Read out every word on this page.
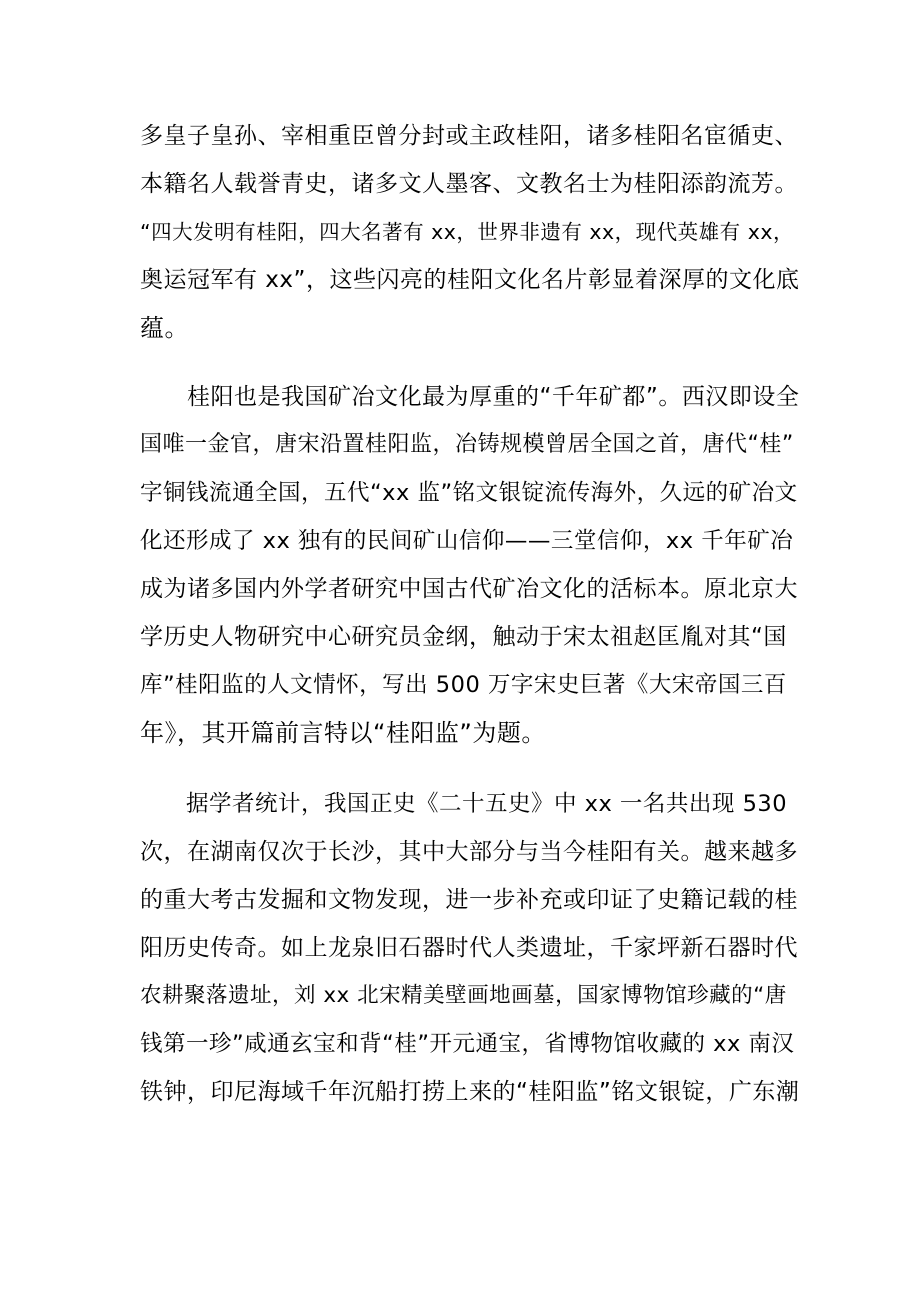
多皇子皇孙、宰相重臣曾分封或主政桂阳，诸多桂阳名宦循吏、
本籍名人载誉青史，诸多文人墨客、文教名士为桂阳添韵流芳。
“四大发明有桂阳，四大名著有 xx，世界非遗有 xx，现代英雄有 xx，
奥运冠军有 xx”，这些闪亮的桂阳文化名片彰显着深厚的文化底
蕴。
　　桂阳也是我国矿冶文化最为厚重的“千年矿都”。西汉即设全
国唯一金官，唐宋沿置桂阳监，冶铸规模曾居全国之首，唐代“桂”
字铜钱流通全国，五代“xx 监”铭文银锭流传海外，久远的矿冶文
化还形成了 xx 独有的民间矿山信仰——三堂信仰，xx 千年矿冶
成为诸多国内外学者研究中国古代矿冶文化的活标本。原北京大
学历史人物研究中心研究员金纲，触动于宋太祖赵匡胤对其“国
库”桂阳监的人文情怀，写出 500 万字宋史巨著《大宋帝国三百
年》，其开篇前言特以“桂阳监”为题。
　　据学者统计，我国正史《二十五史》中 xx 一名共出现 530
次，在湖南仅次于长沙，其中大部分与当今桂阳有关。越来越多
的重大考古发掘和文物发现，进一步补充或印证了史籍记载的桂
阳历史传奇。如上龙泉旧石器时代人类遗址，千家坪新石器时代
农耕聚落遗址，刘 xx 北宋精美壁画地画墓，国家博物馆珍藏的“唐
钱第一珍”咸通玄宝和背“桂”开元通宝，省博物馆收藏的 xx 南汉
铁钟，印尼海域千年沉船打捞上来的“桂阳监”铭文银锭，广东潮
